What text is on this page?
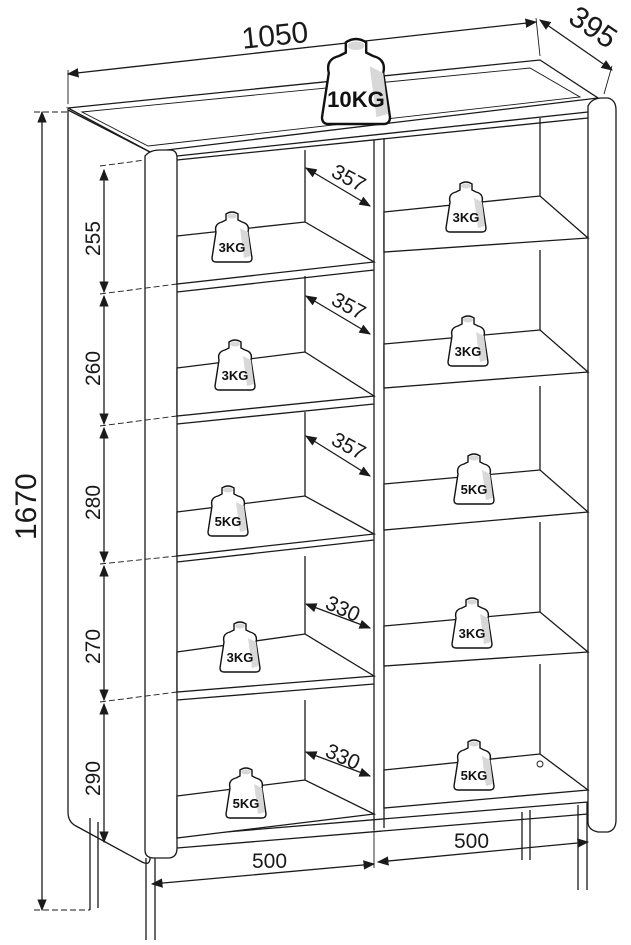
1050	395
1670
255
260
280
270
290
357
357
357
330
330
500
500
10KG
3KG
3KG
5KG
3KG
5KG
3KG
3KG
5KG
3KG
5KG
